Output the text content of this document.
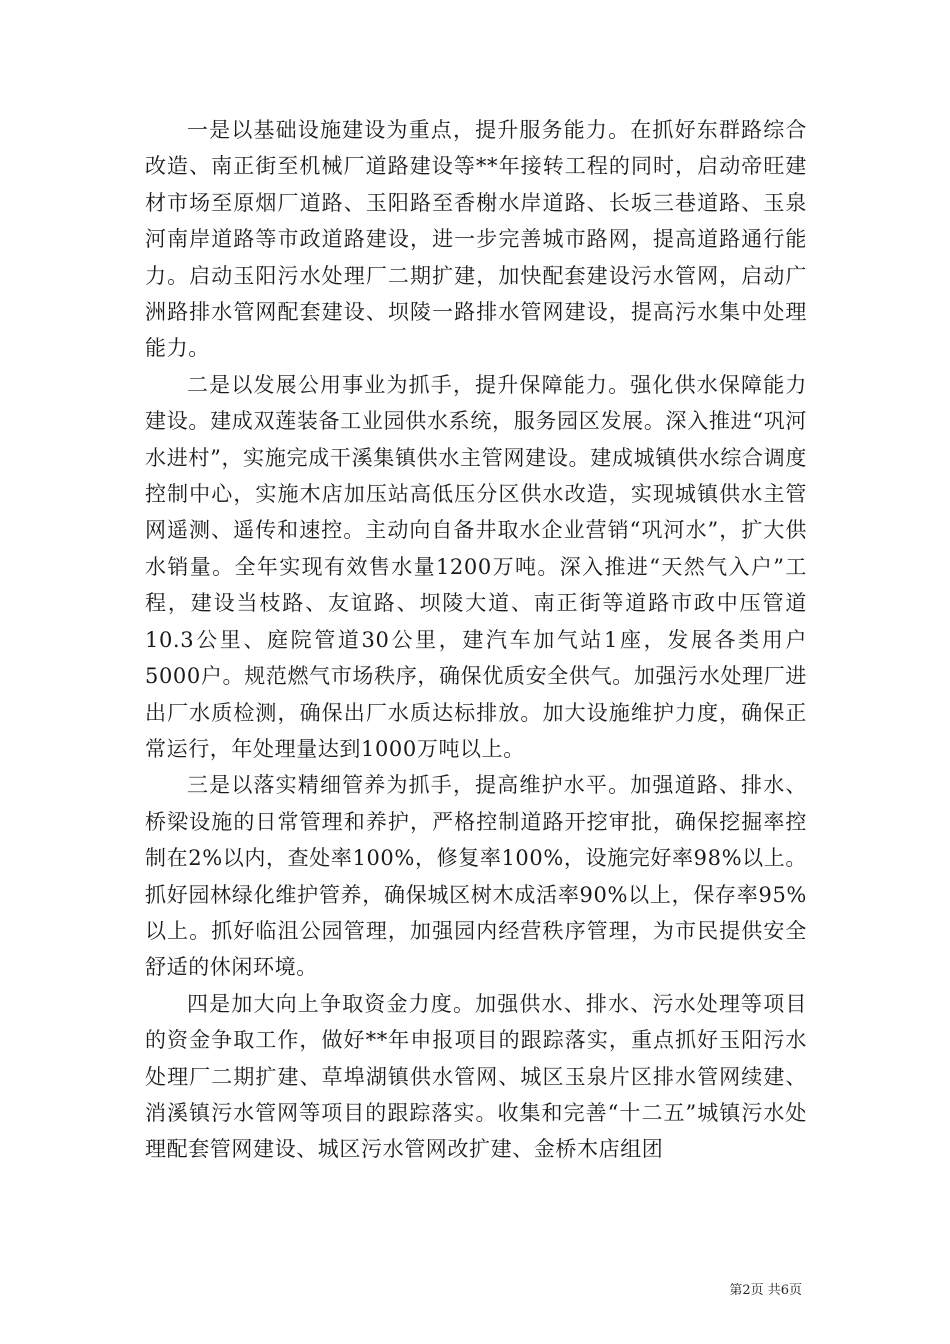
一是以基础设施建设为重点，提升服务能力。在抓好东群路综合改造、南正街至机械厂道路建设等**年接转工程的同时，启动帝旺建材市场至原烟厂道路、玉阳路至香榭水岸道路、长坂三巷道路、玉泉河南岸道路等市政道路建设，进一步完善城市路网，提高道路通行能力。启动玉阳污水处理厂二期扩建，加快配套建设污水管网，启动广洲路排水管网配套建设、坝陵一路排水管网建设，提高污水集中处理能力。

二是以发展公用事业为抓手，提升保障能力。强化供水保障能力建设。建成双莲装备工业园供水系统，服务园区发展。深入推进“巩河水进村”，实施完成干溪集镇供水主管网建设。建成城镇供水综合调度控制中心，实施木店加压站高低压分区供水改造，实现城镇供水主管网遥测、遥传和速控。主动向自备井取水企业营销“巩河水”，扩大供水销量。全年实现有效售水量1200万吨。深入推进“天然气入户”工程，建设当枝路、友谊路、坝陵大道、南正街等道路市政中压管道10.3公里、庭院管道30公里，建汽车加气站1座，发展各类用户5000户。规范燃气市场秩序，确保优质安全供气。加强污水处理厂进出厂水质检测，确保出厂水质达标排放。加大设施维护力度，确保正常运行，年处理量达到1000万吨以上。

三是以落实精细管养为抓手，提高维护水平。加强道路、排水、桥梁设施的日常管理和养护，严格控制道路开挖审批，确保挖掘率控制在2%以内，查处率100%，修复率100%，设施完好率98%以上。抓好园林绿化维护管养，确保城区树木成活率90%以上，保存率95%以上。抓好临沮公园管理，加强园内经营秩序管理，为市民提供安全舒适的休闲环境。

四是加大向上争取资金力度。加强供水、排水、污水处理等项目的资金争取工作，做好**年申报项目的跟踪落实，重点抓好玉阳污水处理厂二期扩建、草埠湖镇供水管网、城区玉泉片区排水管网续建、消溪镇污水管网等项目的跟踪落实。收集和完善“十二五”城镇污水处理配套管网建设、城区污水管网改扩建、金桥木店组团

第2页 共6页
